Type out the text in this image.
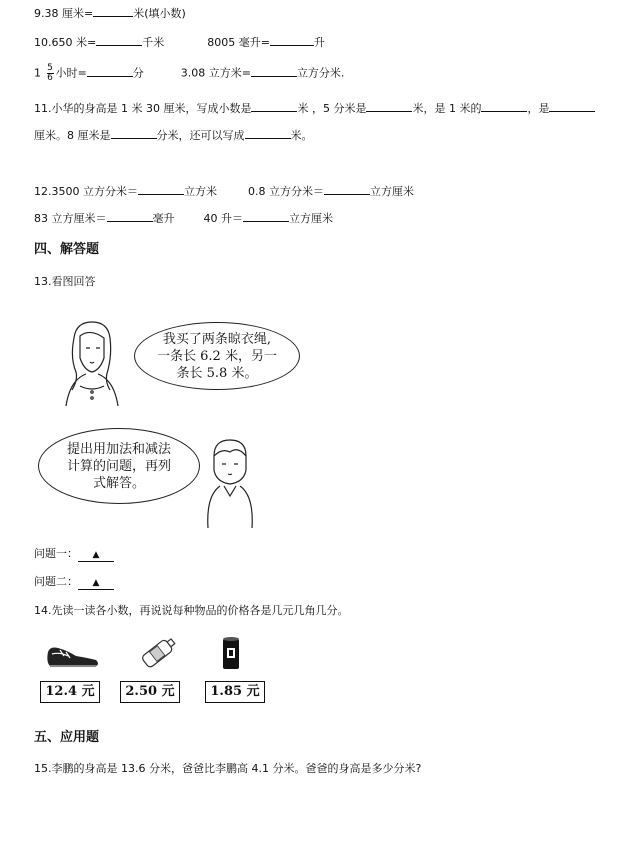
9.38 厘米=	米(填小数)
10.650 米=	千米	8005 毫升=	升
$1 \frac{5}{6}$ 小时=	分	3.08 立方米=	立方分米.
11.小华的身高是 1 米 30 厘米，写成小数是	米 ，5 分米是	米，是 1 米的	，是
厘米。8 厘米是	分米，还可以写成	米。
12.3500 立方分米＝	立方米	0.8 立方分米＝	立方厘米
83 立方厘米＝	毫升	40 升＝	立方厘米
四、解答题
13.看图回答
我买了两条晾衣绳,
一条长 6.2 米，另一
条长 5.8 米。
提出用加法和减法
计算的问题，再列
式解答。
问题一： ▲
问题二： ▲
14.先读一读各小数，再说说每种物品的价格各是几元几角几分。
12.4 元	2.50 元	1.85 元
五、应用题
15.李鹏的身高是 13.6 分米，爸爸比李鹏高 4.1 分米。爸爸的身高是多少分米?
